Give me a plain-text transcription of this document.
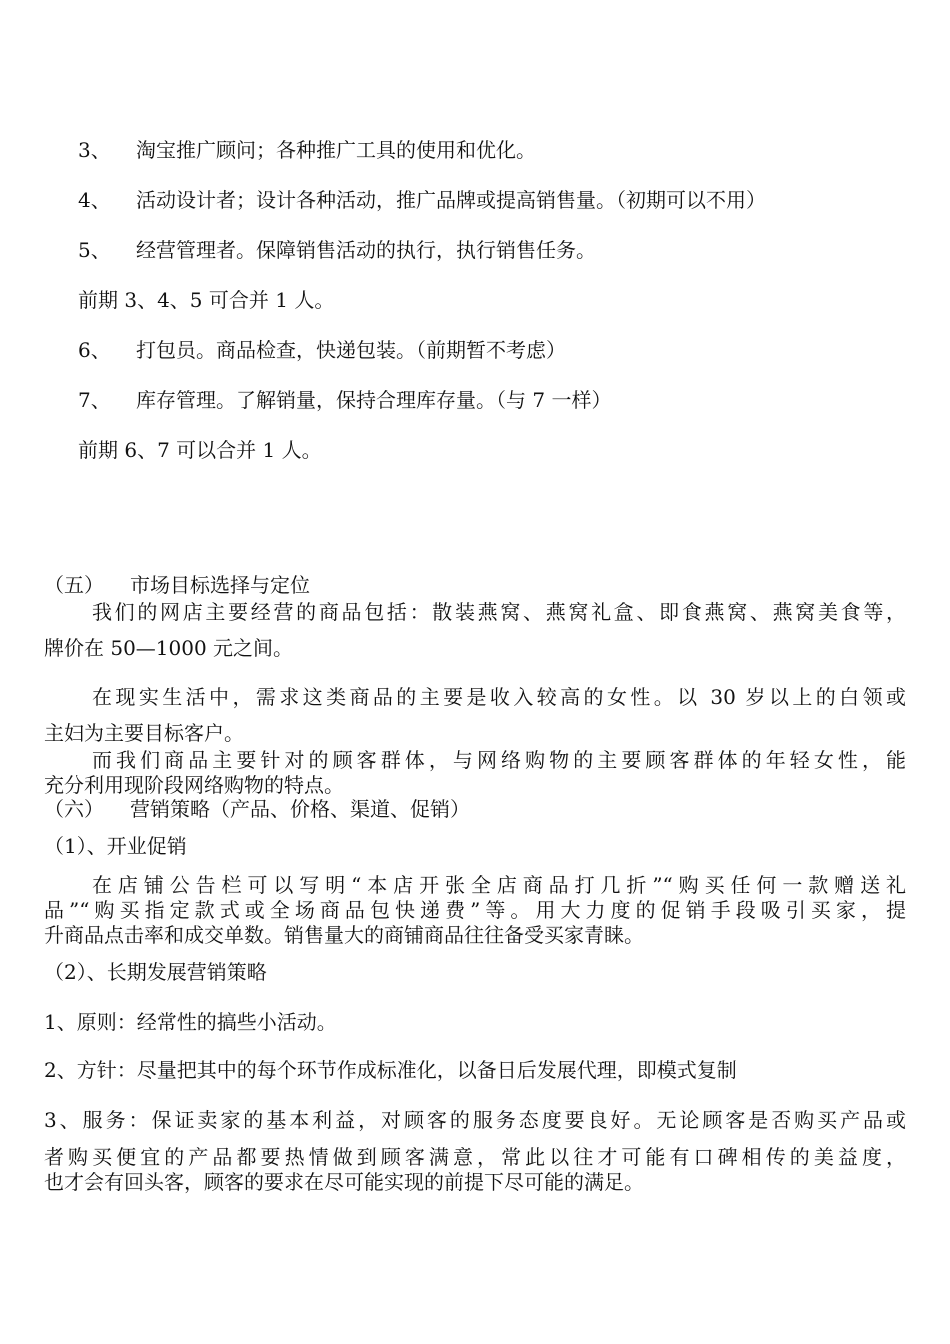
3、 淘宝推广顾问；各种推广工具的使用和优化。
4、 活动设计者；设计各种活动，推广品牌或提高销售量。（初期可以不用）
5、 经营管理者。保障销售活动的执行，执行销售任务。
前期 3、4、5 可合并 1 人。
6、 打包员。商品检查，快递包装。（前期暂不考虑）
7、 库存管理。了解销量，保持合理库存量。（与 7 一样）
前期 6、7 可以合并 1 人。
（五） 市场目标选择与定位
我们的网店主要经营的商品包括：散装燕窝、燕窝礼盒、即食燕窝、燕窝美食等，
牌价在 50—1000 元之间。
在现实生活中，需求这类商品的主要是收入较高的女性。以 30 岁以上的白领或
主妇为主要目标客户。
而我们商品主要针对的顾客群体，与网络购物的主要顾客群体的年轻女性，能
充分利用现阶段网络购物的特点。
（六） 营销策略（产品、价格、渠道、促销）
（1）、开业促销
在店铺公告栏可以写明“本店开张全店商品打几折”“购买任何一款赠送礼
品”“购买指定款式或全场商品包快递费”等。用大力度的促销手段吸引买家，提
升商品点击率和成交单数。销售量大的商铺商品往往备受买家青睐。
（2）、长期发展营销策略
1、原则：经常性的搞些小活动。
2、方针：尽量把其中的每个环节作成标准化，以备日后发展代理，即模式复制
3、服务：保证卖家的基本利益，对顾客的服务态度要良好。无论顾客是否购买产品或
者购买便宜的产品都要热情做到顾客满意，常此以往才可能有口碑相传的美益度，
也才会有回头客，顾客的要求在尽可能实现的前提下尽可能的满足。
